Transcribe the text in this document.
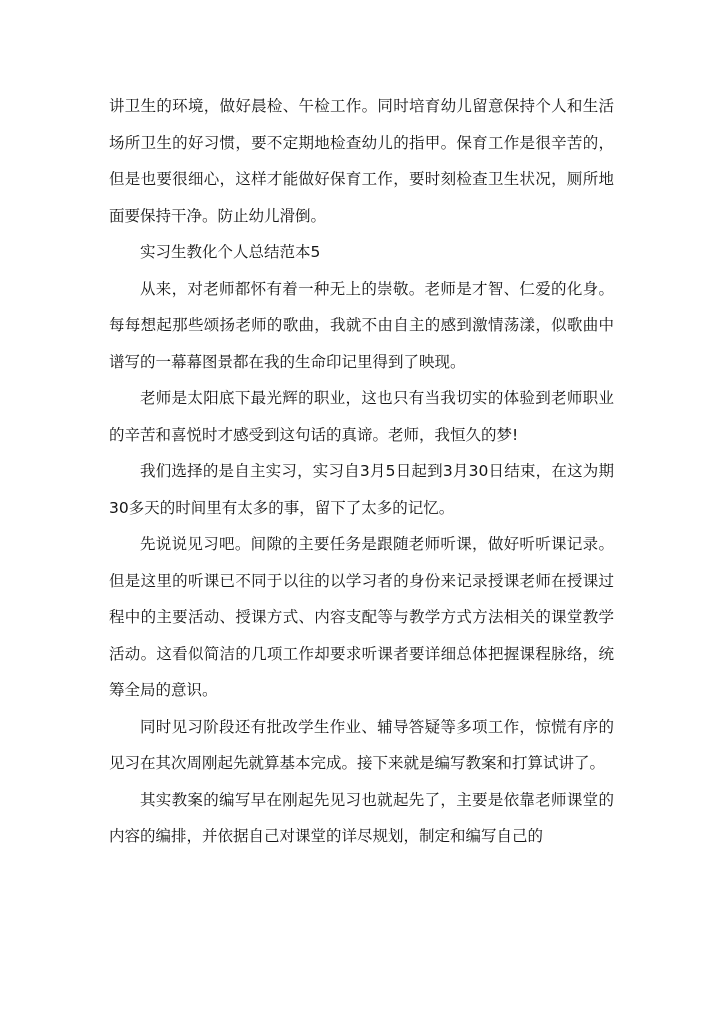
讲卫生的环境，做好晨检、午检工作。同时培育幼儿留意保持个人和生活场所卫生的好习惯，要不定期地检查幼儿的指甲。保育工作是很辛苦的，但是也要很细心，这样才能做好保育工作，要时刻检查卫生状况，厕所地面要保持干净。防止幼儿滑倒。

实习生教化个人总结范本5

从来，对老师都怀有着一种无上的崇敬。老师是才智、仁爱的化身。每每想起那些颂扬老师的歌曲，我就不由自主的感到激情荡漾，似歌曲中谱写的一幕幕图景都在我的生命印记里得到了映现。

老师是太阳底下最光辉的职业，这也只有当我切实的体验到老师职业的辛苦和喜悦时才感受到这句话的真谛。老师，我恒久的梦!

我们选择的是自主实习，实习自3月5日起到3月30日结束，在这为期30多天的时间里有太多的事，留下了太多的记忆。

先说说见习吧。间隙的主要任务是跟随老师听课，做好听听课记录。但是这里的听课已不同于以往的以学习者的身份来记录授课老师在授课过程中的主要活动、授课方式、内容支配等与教学方式方法相关的课堂教学活动。这看似简洁的几项工作却要求听课者要详细总体把握课程脉络，统筹全局的意识。

同时见习阶段还有批改学生作业、辅导答疑等多项工作，惊慌有序的见习在其次周刚起先就算基本完成。接下来就是编写教案和打算试讲了。

其实教案的编写早在刚起先见习也就起先了，主要是依靠老师课堂的内容的编排，并依据自己对课堂的详尽规划，制定和编写自己的
